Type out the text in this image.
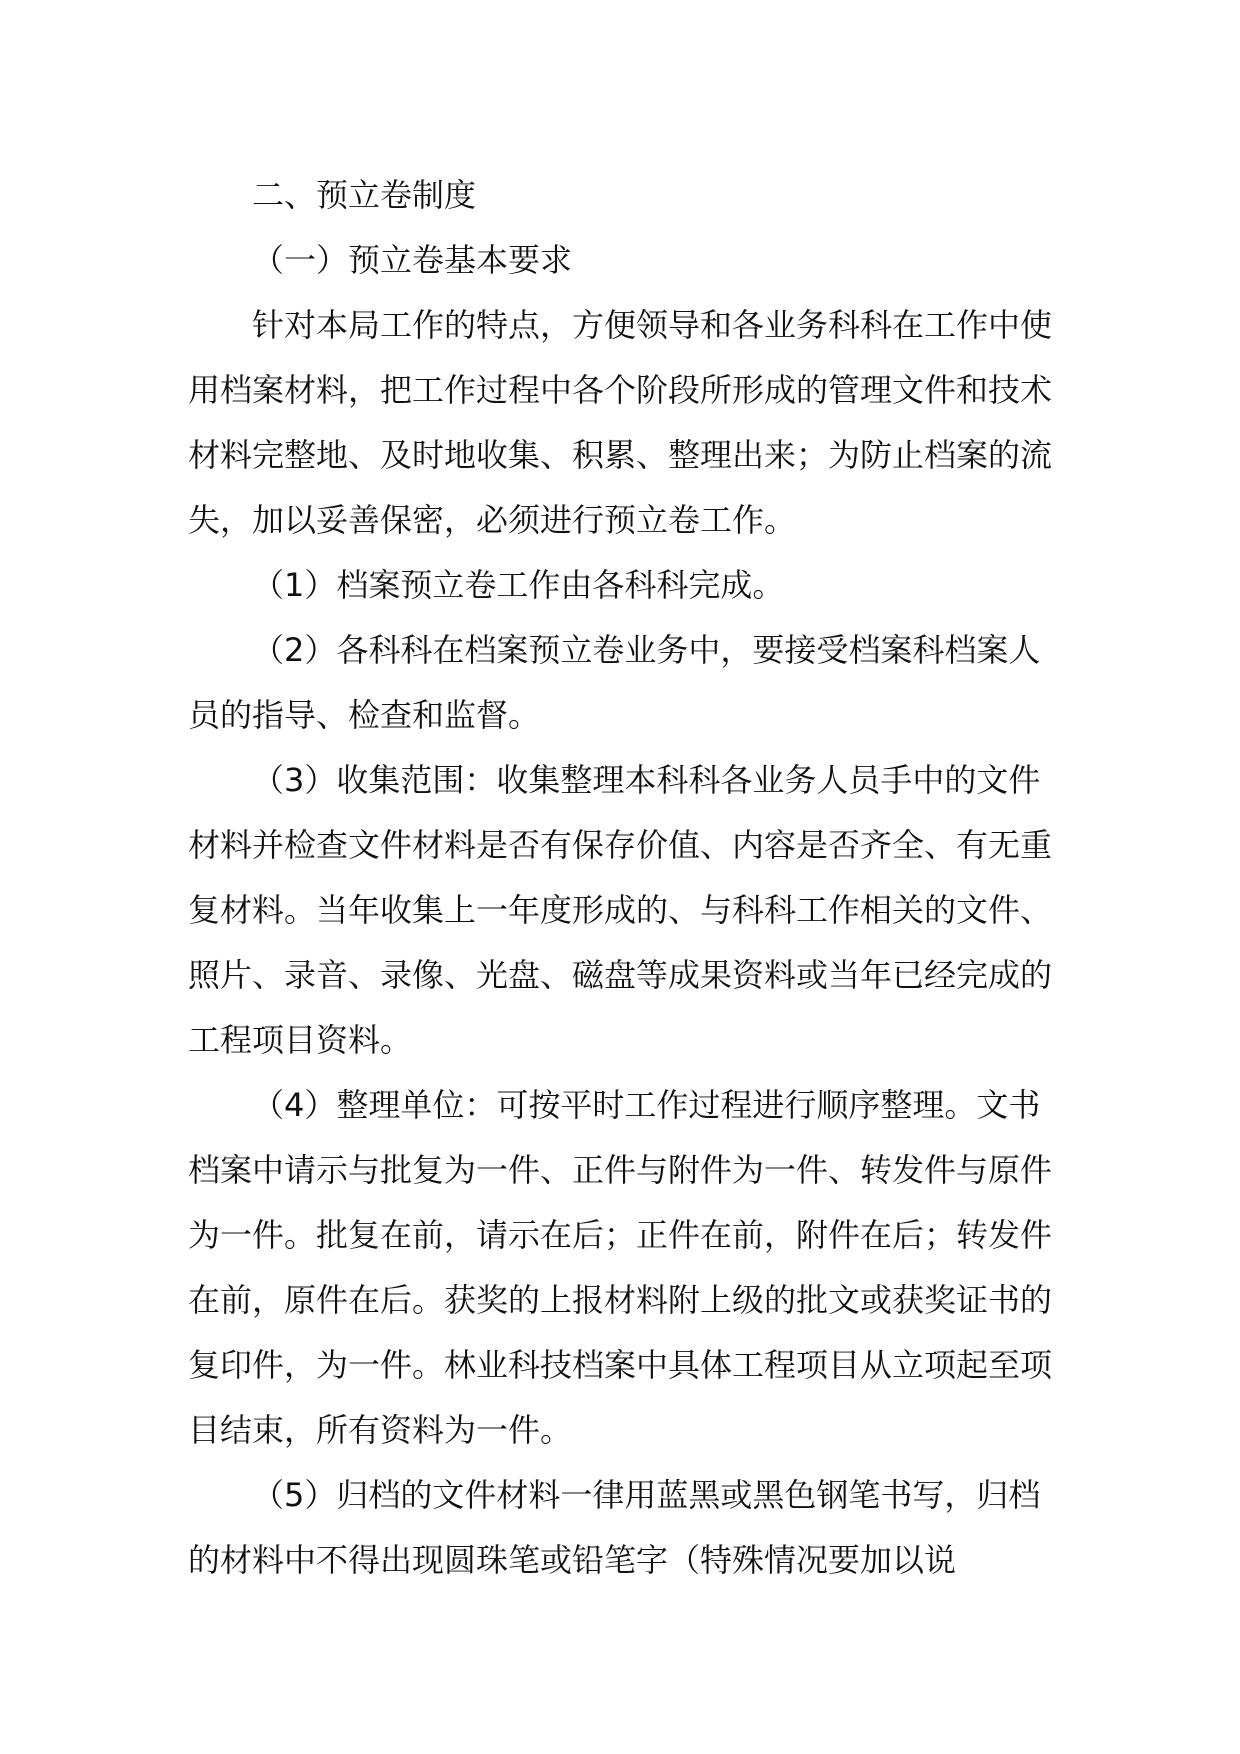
二、预立卷制度

（一）预立卷基本要求

针对本局工作的特点，方便领导和各业务科科在工作中使用档案材料，把工作过程中各个阶段所形成的管理文件和技术材料完整地、及时地收集、积累、整理出来；为防止档案的流失，加以妥善保密，必须进行预立卷工作。

（1）档案预立卷工作由各科科完成。

（2）各科科在档案预立卷业务中，要接受档案科档案人员的指导、检查和监督。

（3）收集范围：收集整理本科科各业务人员手中的文件材料并检查文件材料是否有保存价值、内容是否齐全、有无重复材料。当年收集上一年度形成的、与科科工作相关的文件、照片、录音、录像、光盘、磁盘等成果资料或当年已经完成的工程项目资料。

（4）整理单位：可按平时工作过程进行顺序整理。文书档案中请示与批复为一件、正件与附件为一件、转发件与原件为一件。批复在前，请示在后；正件在前，附件在后；转发件在前，原件在后。获奖的上报材料附上级的批文或获奖证书的复印件，为一件。林业科技档案中具体工程项目从立项起至项目结束，所有资料为一件。

（5）归档的文件材料一律用蓝黑或黑色钢笔书写，归档的材料中不得出现圆珠笔或铅笔字（特殊情况要加以说
